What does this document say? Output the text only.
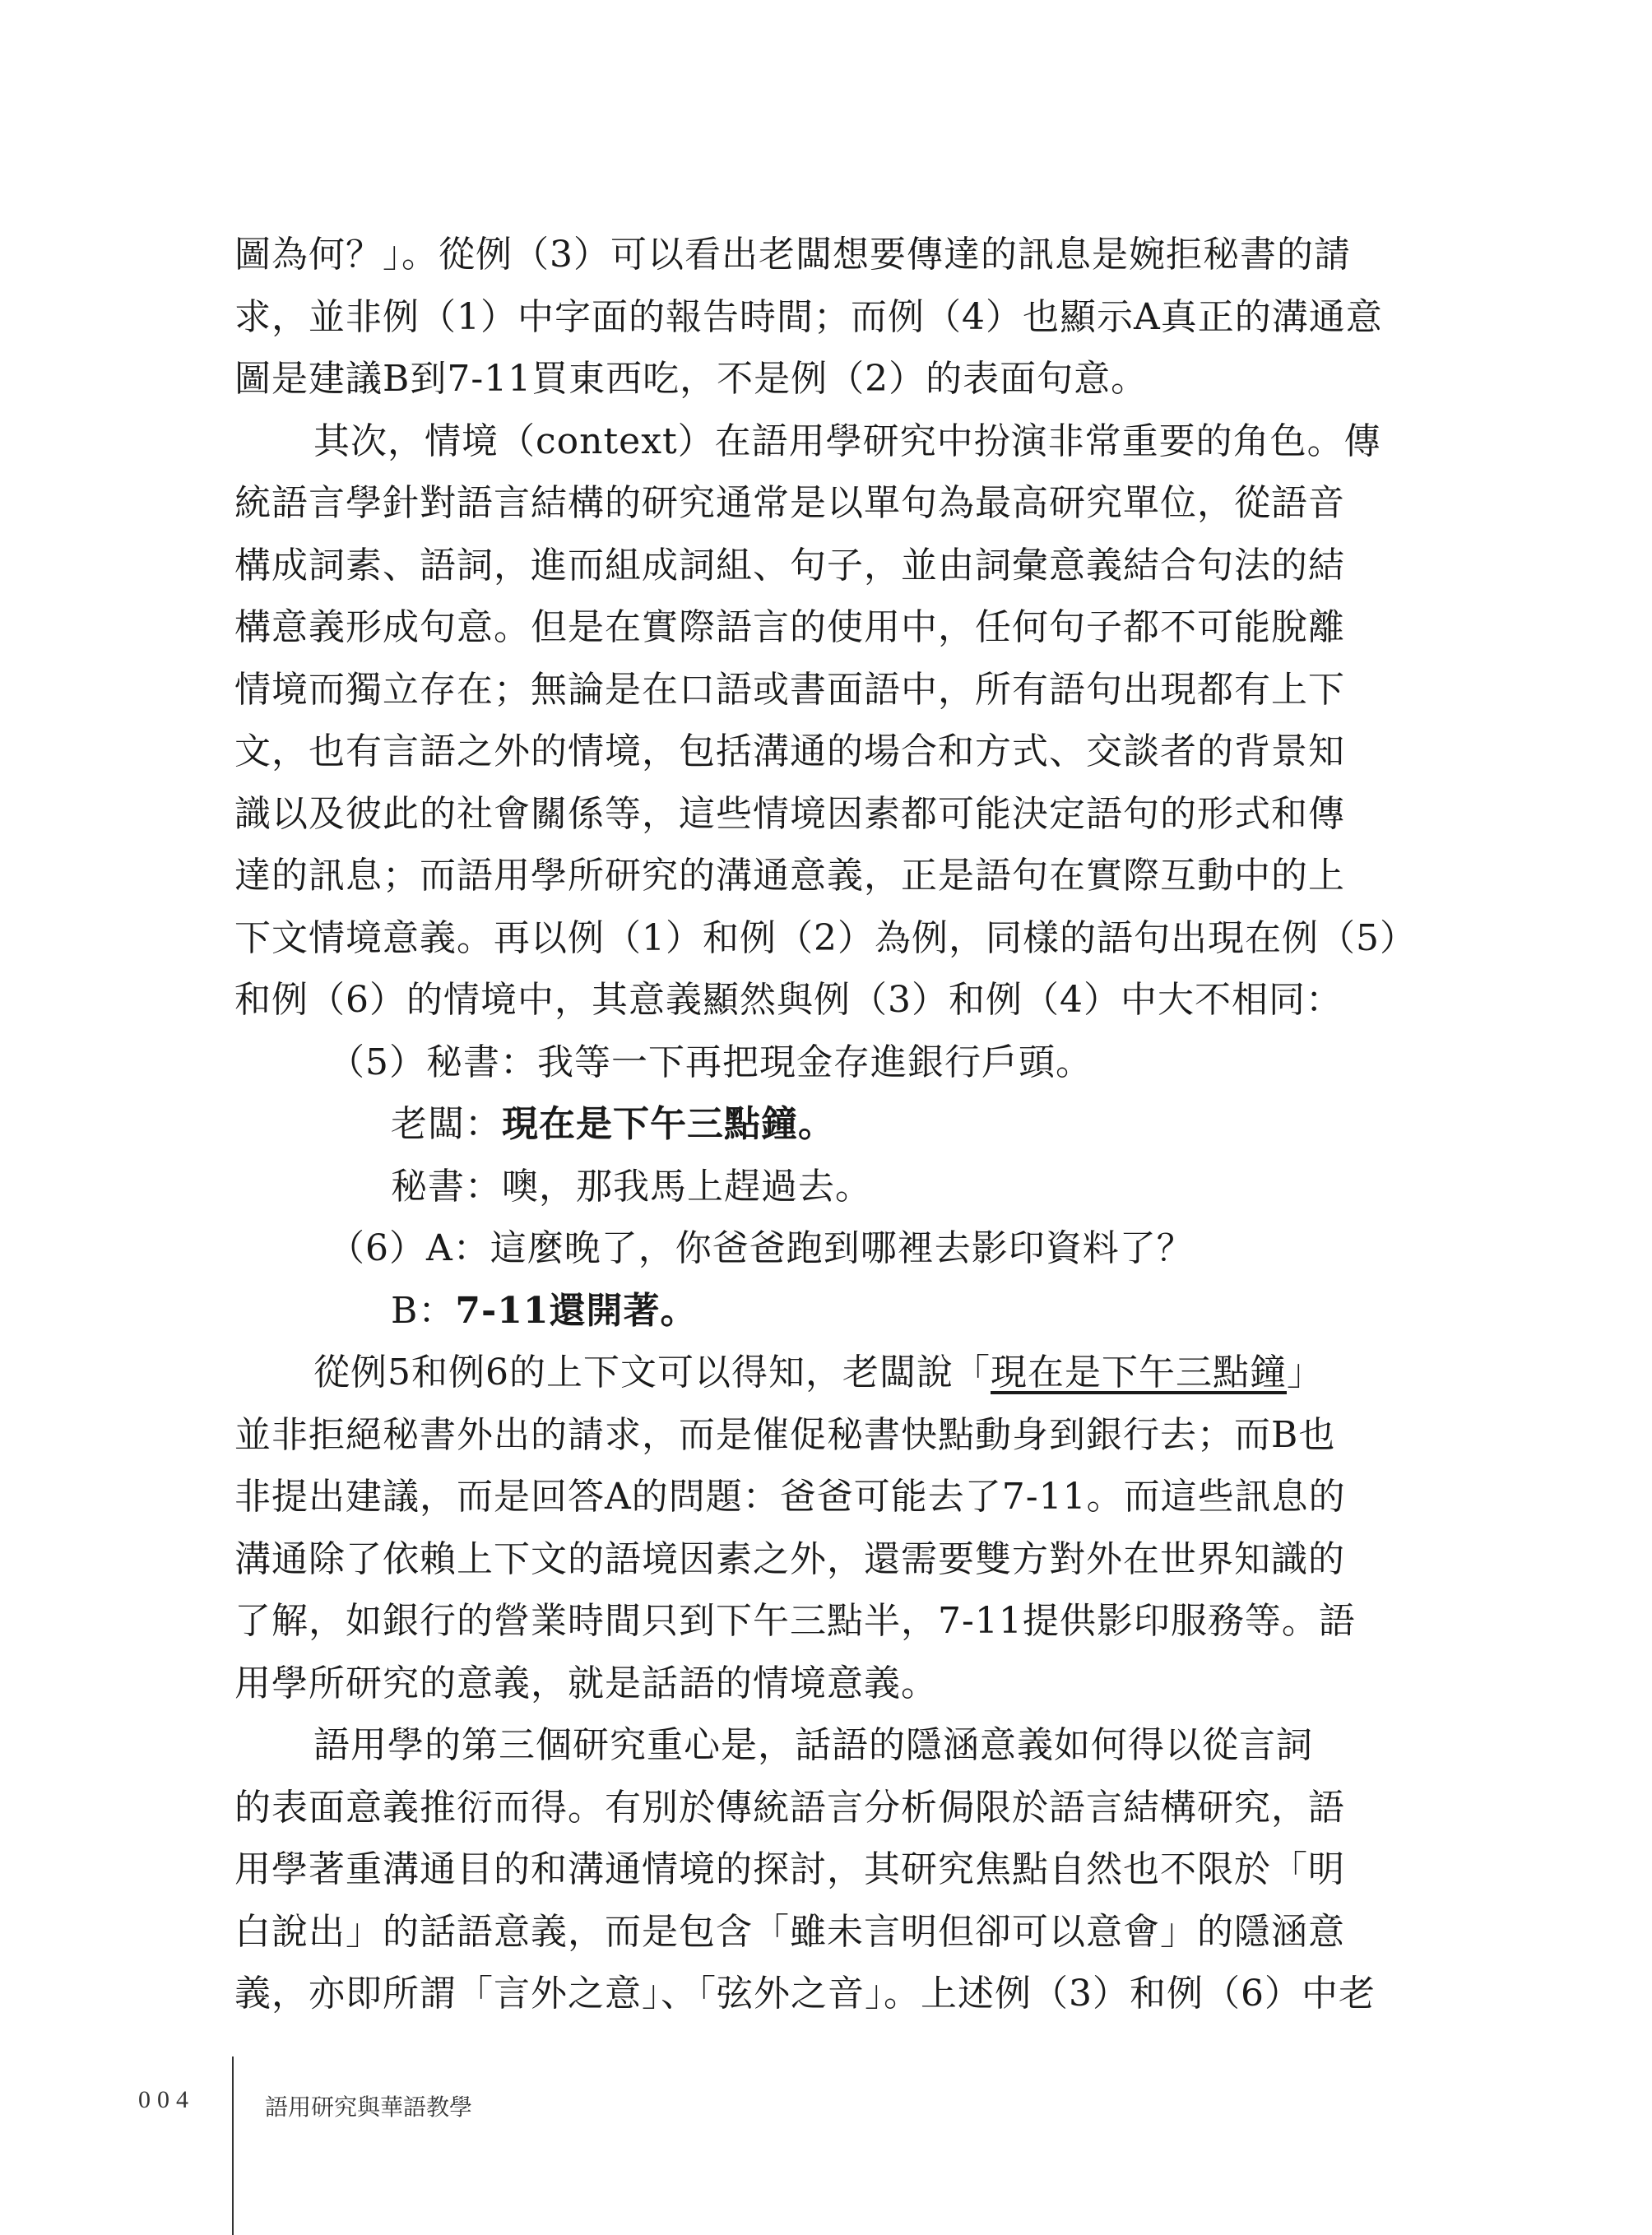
圖為何？」。從例（3）可以看出老闆想要傳達的訊息是婉拒秘書的請
求，並非例（1）中字面的報告時間；而例（4）也顯示A真正的溝通意
圖是建議B到7-11買東西吃，不是例（2）的表面句意。
其次，情境（context）在語用學研究中扮演非常重要的角色。傳
統語言學針對語言結構的研究通常是以單句為最高研究單位，從語音
構成詞素、語詞，進而組成詞組、句子，並由詞彙意義結合句法的結
構意義形成句意。但是在實際語言的使用中，任何句子都不可能脫離
情境而獨立存在；無論是在口語或書面語中，所有語句出現都有上下
文，也有言語之外的情境，包括溝通的場合和方式、交談者的背景知
識以及彼此的社會關係等，這些情境因素都可能決定語句的形式和傳
達的訊息；而語用學所研究的溝通意義，正是語句在實際互動中的上
下文情境意義。再以例（1）和例（2）為例，同樣的語句出現在例（5）
和例（6）的情境中，其意義顯然與例（3）和例（4）中大不相同：
（5）秘書：我等一下再把現金存進銀行戶頭。
老闆：現在是下午三點鐘。
秘書：噢，那我馬上趕過去。
（6）A：這麼晚了，你爸爸跑到哪裡去影印資料了？
B：7-11還開著。
從例5和例6的上下文可以得知，老闆說「現在是下午三點鐘」
並非拒絕秘書外出的請求，而是催促秘書快點動身到銀行去；而B也
非提出建議，而是回答A的問題：爸爸可能去了7-11。而這些訊息的
溝通除了依賴上下文的語境因素之外，還需要雙方對外在世界知識的
了解，如銀行的營業時間只到下午三點半，7-11提供影印服務等。語
用學所研究的意義，就是話語的情境意義。
語用學的第三個研究重心是，話語的隱涵意義如何得以從言詞
的表面意義推衍而得。有別於傳統語言分析侷限於語言結構研究，語
用學著重溝通目的和溝通情境的探討，其研究焦點自然也不限於「明
白說出」的話語意義，而是包含「雖未言明但卻可以意會」的隱涵意
義，亦即所謂「言外之意」、「弦外之音」。上述例（3）和例（6）中老
004	語用研究與華語教學
